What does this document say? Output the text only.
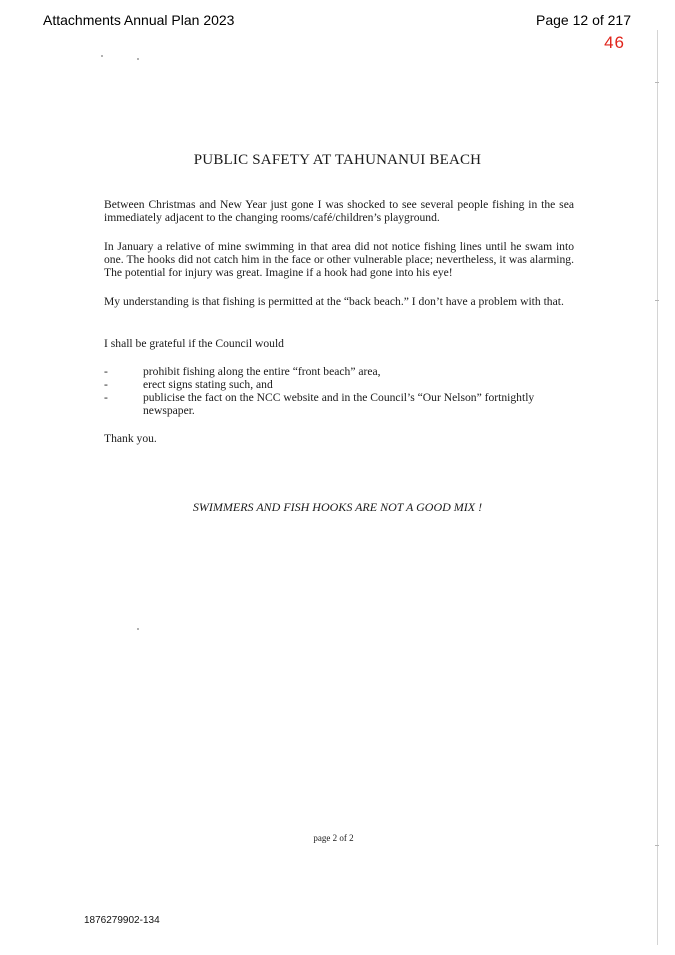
Attachments Annual Plan 2023	Page 12 of 217
46
PUBLIC SAFETY AT TAHUNANUI BEACH
Between Christmas and New Year just gone I was shocked to see several people fishing in the sea immediately adjacent to the changing rooms/café/children’s playground.
In January a relative of mine swimming in that area did not notice fishing lines until he swam into one. The hooks did not catch him in the face or other vulnerable place; nevertheless, it was alarming. The potential for injury was great. Imagine if a hook had gone into his eye!
My understanding is that fishing is permitted at the “back beach.” I don’t have a problem with that.
I shall be grateful if the Council would
-	prohibit fishing along the entire “front beach” area,
-	erect signs stating such, and
-	publicise the fact on the NCC website and in the Council’s “Our Nelson” fortnightly newspaper.
Thank you.
SWIMMERS AND FISH HOOKS ARE NOT A GOOD MIX !
page 2 of 2
1876279902-134
